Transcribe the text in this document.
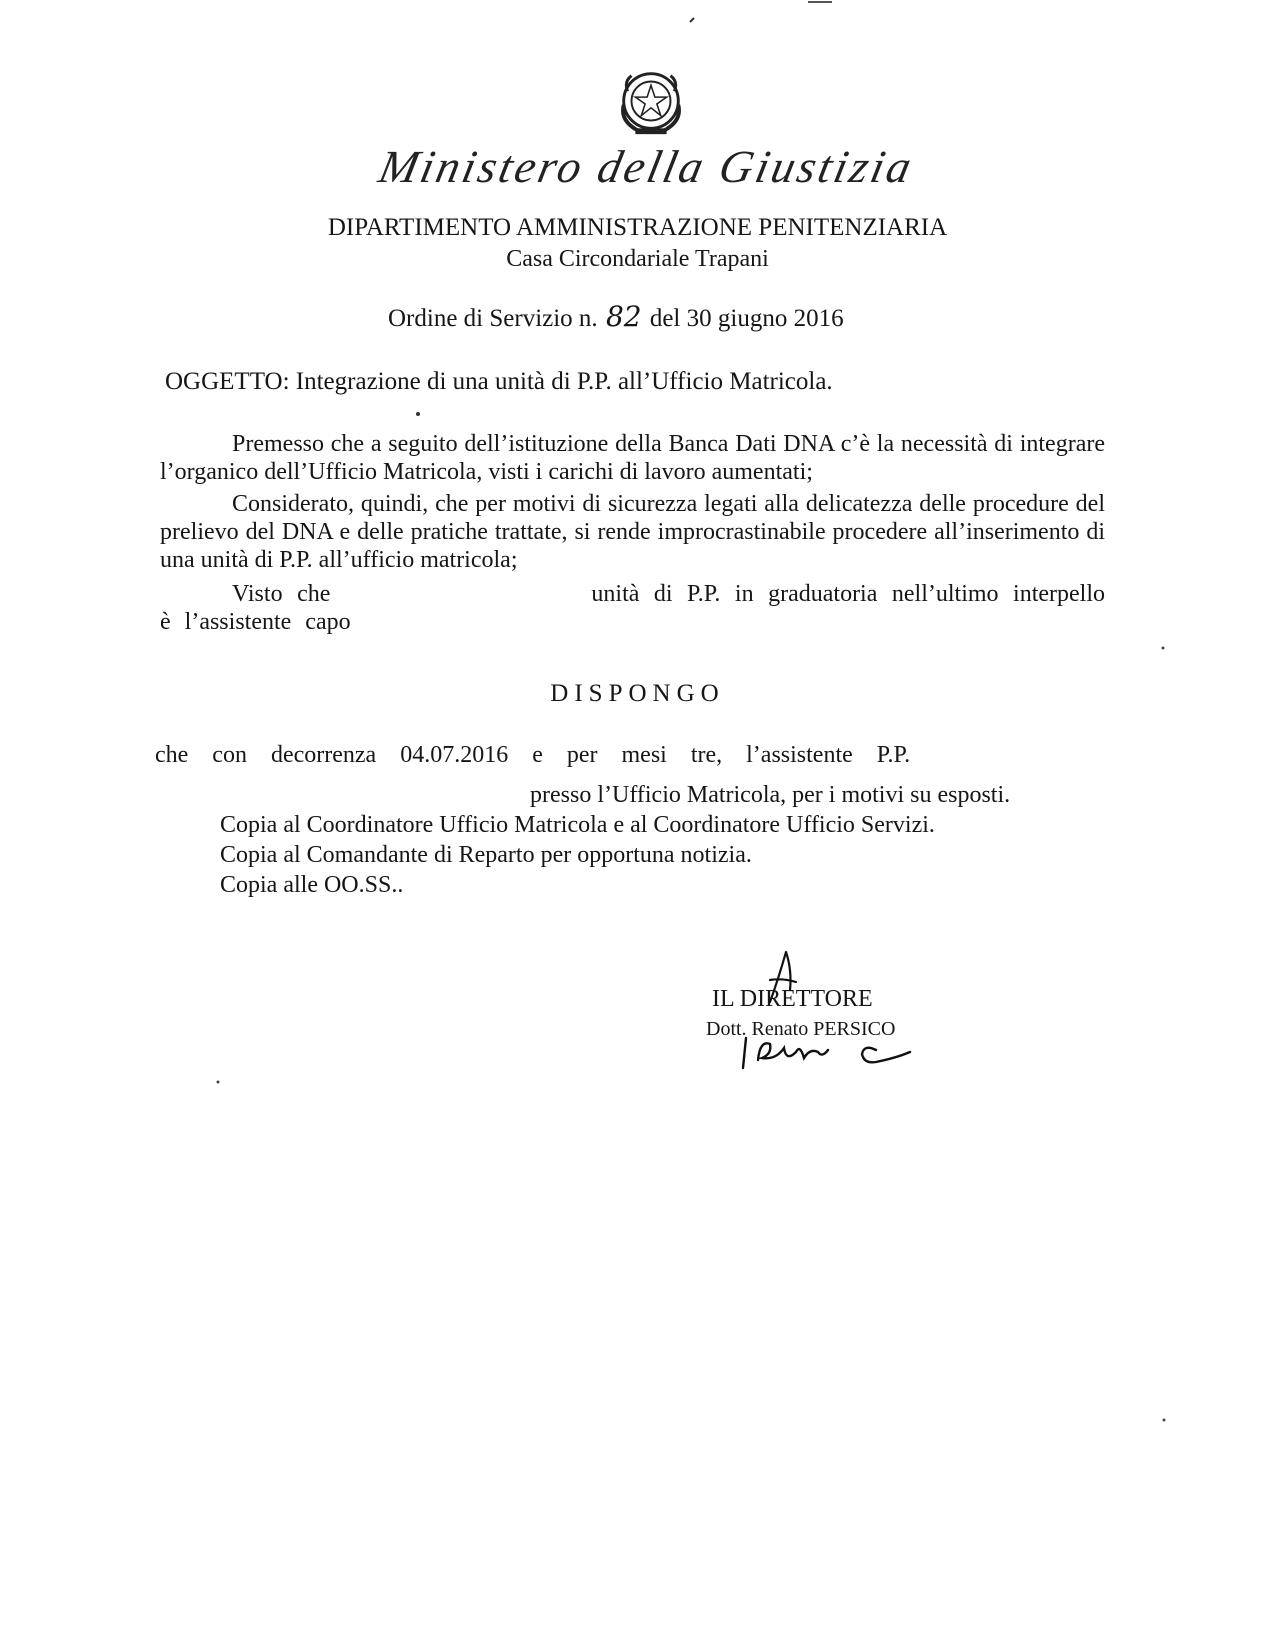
Ministero della Giustizia
DIPARTIMENTO AMMINISTRAZIONE PENITENZIARIA
Casa Circondariale Trapani
Ordine di Servizio n. 82 del 30 giugno 2016
OGGETTO: Integrazione di una unità di P.P. all’Ufficio Matricola.
Premesso che a seguito dell’istituzione della Banca Dati DNA c’è la necessità di integrare l’organico dell’Ufficio Matricola, visti i carichi di lavoro aumentati;
Considerato, quindi, che per motivi di sicurezza legati alla delicatezza delle procedure del prelievo del DNA e delle pratiche trattate, si rende improcrastinabile procedere all’inserimento di una unità di P.P. all’ufficio matricola;
Visto che                  unità di P.P. in graduatoria nell’ultimo interpello è l’assistente capo
DISPONGO
che con decorrenza 04.07.2016 e per mesi tre, l’assistente P.P.
presso l’Ufficio Matricola, per i motivi su esposti.
Copia al Coordinatore Ufficio Matricola e al Coordinatore Ufficio Servizi.
Copia al Comandante di Reparto per opportuna notizia.
Copia alle OO.SS..
IL DIRETTORE
Dott. Renato PERSICO
